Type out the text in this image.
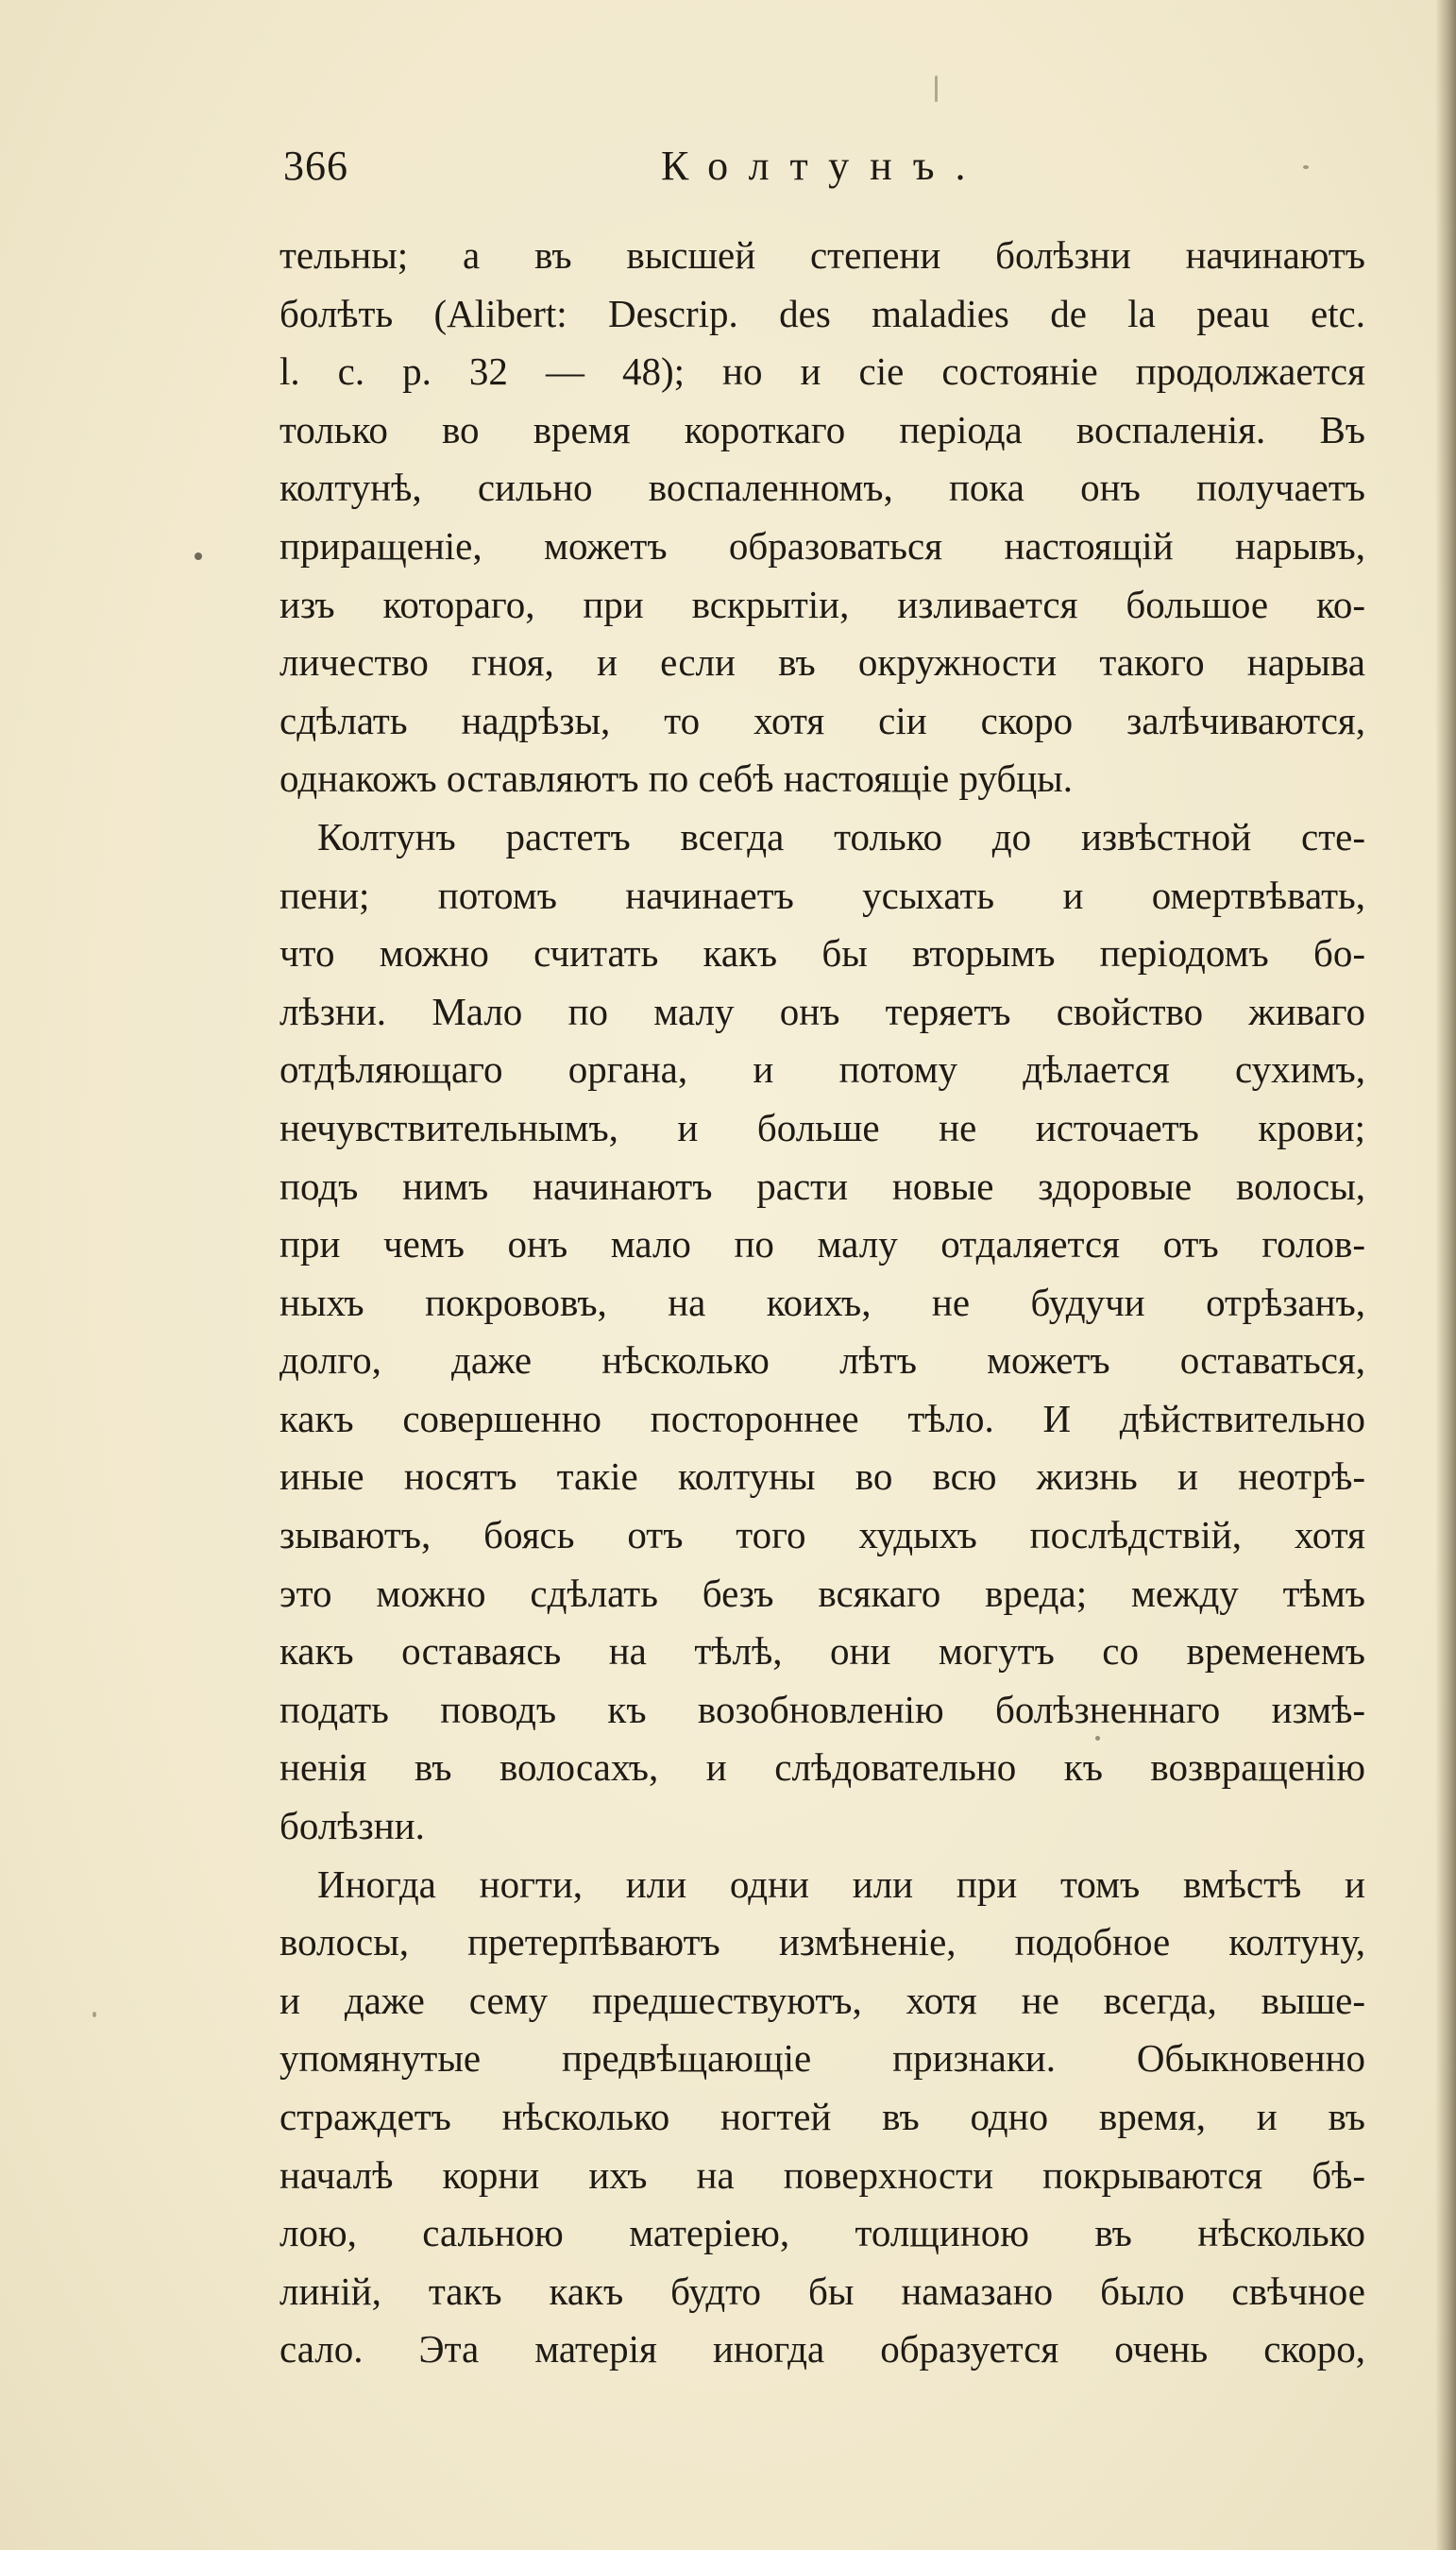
366	Колтунъ.
тельны; а въ высшей степени болѣзни начинаютъ
болѣть (Alibert: Descrip. des maladies de la peau etc.
l. c. p. 32 — 48); но и сіе состояніе продолжается
только во время короткаго періода воспаленія. Въ
колтунѣ, сильно воспаленномъ, пока онъ получаетъ
приращеніе, можетъ образоваться настоящій нарывъ,
изъ котораго, при вскрытіи, изливается большое ко-
личество гноя, и если въ окружности такого нарыва
сдѣлать надрѣзы, то хотя сіи скоро залѣчиваются,
однакожъ оставляютъ по себѣ настоящіе рубцы.
Колтунъ растетъ всегда только до извѣстной сте-
пени; потомъ начинаетъ усыхать и омертвѣвать,
что можно считать какъ бы вторымъ періодомъ бо-
лѣзни. Мало по малу онъ теряетъ свойство живаго
отдѣляющаго органа, и потому дѣлается сухимъ,
нечувствительнымъ, и больше не источаетъ крови;
подъ нимъ начинаютъ расти новые здоровые волосы,
при чемъ онъ мало по малу отдаляется отъ голов-
ныхъ покрововъ, на коихъ, не будучи отрѣзанъ,
долго, даже нѣсколько лѣтъ можетъ оставаться,
какъ совершенно постороннее тѣло. И дѣйствительно
иные носятъ такіе колтуны во всю жизнь и неотрѣ-
зываютъ, боясь отъ того худыхъ послѣдствій, хотя
это можно сдѣлать безъ всякаго вреда; между тѣмъ
какъ оставаясь на тѣлѣ, они могутъ со временемъ
подать поводъ къ возобновленію болѣзненнаго измѣ-
ненія въ волосахъ, и слѣдовательно къ возвращенію
болѣзни.
Иногда ногти, или одни или при томъ вмѣстѣ и
волосы, претерпѣваютъ измѣненіе, подобное колтуну,
и даже сему предшествуютъ, хотя не всегда, выше-
упомянутые предвѣщающіе признаки. Обыкновенно
страждетъ нѣсколько ногтей въ одно время, и въ
началѣ корни ихъ на поверхности покрываются бѣ-
лою, сальною матеріею, толщиною въ нѣсколько
линій, такъ какъ будто бы намазано было свѣчное
сало. Эта матерія иногда образуется очень скоро,
